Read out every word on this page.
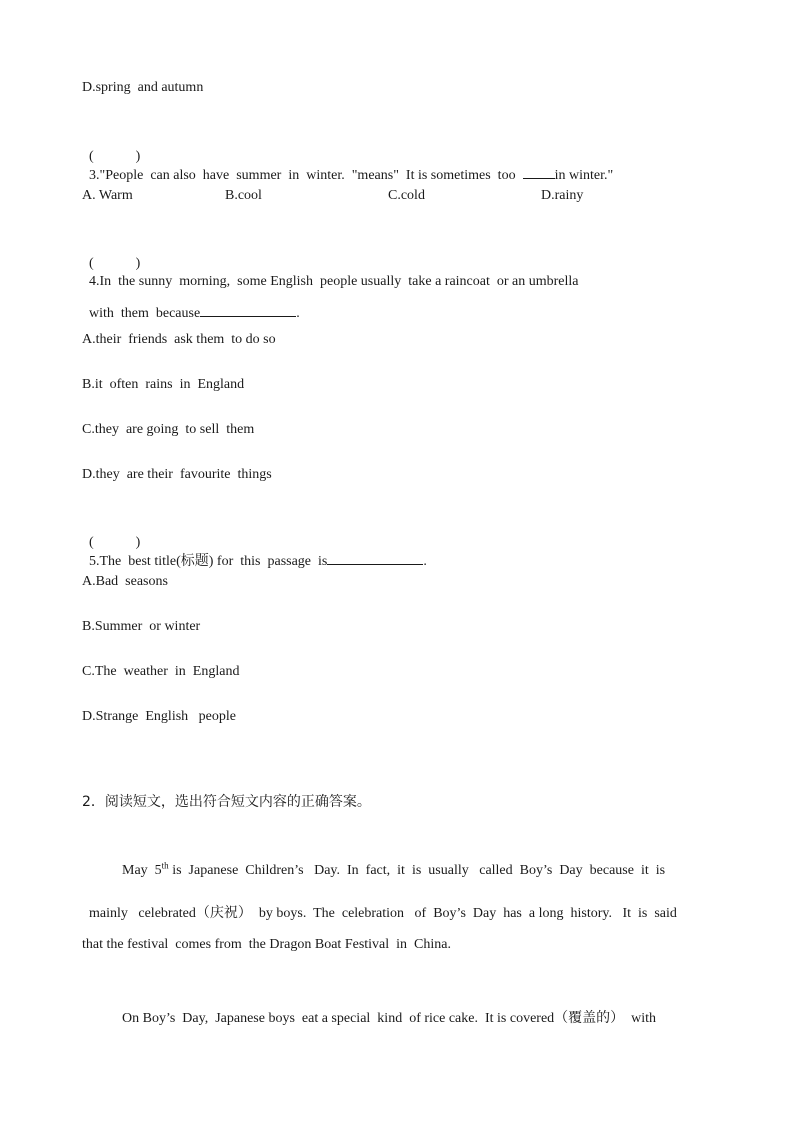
D.spring  and autumn

(            )
3."People  can also  have  summer  in  winter.  "means"  It is sometimes  too  in winter."

A. Warm

	B.cool

	C.cold

	D.rainy

(            )
4.In  the sunny  morning,  some English  people usually  take a raincoat  or an umbrella

with  them  because	.

A.their  friends  ask them  to do so
B.it  often  rains  in  England
C.they  are going  to sell  them
D.they  are their  favourite  things

(            )
5.The  best title(标题) for  this  passage  is	.

A.Bad  seasons
B.Summer  or winter
C.The  weather  in  England
D.Strange  English   people
2．阅读短文，选出符合短文内容的正确答案。

May  5th is  Japanese  Children’s   Day.  In  fact,  it  is  usually   called  Boy’s  Day  because  it  is

mainly   celebrated（庆祝）  by boys.  The  celebration   of  Boy’s  Day  has  a long  history.   It  is  said

that the festival  comes from  the Dragon Boat Festival  in  China.

On Boy’s  Day,  Japanese boys  eat a special  kind  of rice cake.  It is covered（覆盖的）  with
